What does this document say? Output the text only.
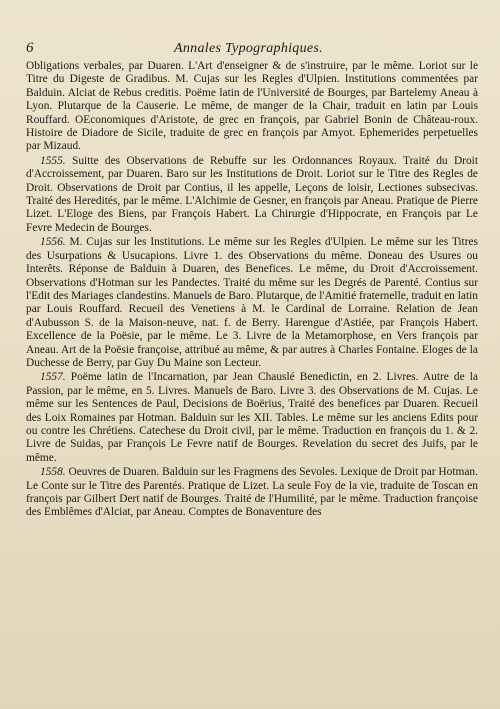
6	Annales Typographiques.

Obligations verbales, par Duaren. L'Art d'enseigner & de s'instruire, par le même. Loriot sur le Titre du Digeste de Gradibus. M. Cujas sur les Regles d'Ulpien. Institutions commentées par Balduin. Alciat de Rebus creditis. Poëme latin de l'Université de Bourges, par Bartelemy Aneau à Lyon. Plutarque de la Causerie. Le même, de manger de la Chair, traduit en latin par Louis Rouffard. OEconomiques d'Aristote, de grec en françois, par Gabriel Bonin de Château-roux. Histoire de Diadore de Sicile, traduite de grec en françois par Amyot. Ephemerides perpetuelles par Mizaud.

1555. Suitte des Observations de Rebuffe sur les Ordonnances Royaux. Traité du Droit d'Accroissement, par Duaren. Baro sur les Institutions de Droit. Loriot sur le Titre des Regles de Droit. Observations de Droit par Contius, il les appelle, Leçons de loisir, Lectiones subsecivas. Traité des Heredités, par le même. L'Alchimie de Gesner, en françois par Aneau. Pratique de Pierre Lizet. L'Eloge des Biens, par François Habert. La Chirurgie d'Hippocrate, en François par Le Fevre Medecin de Bourges.

1556. M. Cujas sur les Institutions. Le même sur les Regles d'Ulpien. Le même sur les Titres des Usurpations & Usucapions. Livre 1. des Observations du même. Doneau des Usures ou Interêts. Réponse de Balduin à Duaren, des Benefices. Le même, du Droit d'Accroissement. Observations d'Hotman sur les Pandectes. Traité du même sur les Degrés de Parenté. Contius sur l'Edit des Mariages clandestins. Manuels de Baro. Plutarque, de l'Amitié fraternelle, traduit en latin par Louis Rouffard. Recueil des Venetiens à M. le Cardinal de Lorraine. Relation de Jean d'Aubusson S. de la Maison-neuve, nat. f. de Berry. Harengue d'Astiée, par François Habert. Excellence de la Poësie, par le même. Le 3. Livre de la Metamorphose, en Vers françois par Aneau. Art de la Poësie françoise, attribué au même, & par autres à Charles Fontaine. Eloges de la Duchesse de Berry, par Guy Du Maine son Lecteur.

1557. Poëme latin de l'Incarnation, par Jean Chauslé Benedictin, en 2. Livres. Autre de la Passion, par le même, en 5. Livres. Manuels de Baro. Livre 3. des Observations de M. Cujas. Le même sur les Sentences de Paul, Decisions de Boërius, Traité des benefices par Duaren. Recueil des Loix Romaines par Hotman. Balduin sur les XII. Tables. Le même sur les anciens Edits pour ou contre les Chrétiens. Catechese du Droit civil, par le même. Traduction en françois du 1. & 2. Livre de Suidas, par François Le Fevre natif de Bourges. Revelation du secret des Juifs, par le même.

1558. Oeuvres de Duaren. Balduin sur les Fragmens des Sevoles. Lexique de Droit par Hotman. Le Conte sur le Titre des Parentés. Pratique de Lizet. La seule Foy de la vie, traduite de Toscan en françois par Gilbert Dert natif de Bourges. Traité de l'Humilité, par le même. Traduction françoise des Emblêmes d'Alciat, par Aneau. Comptes de Bonaventure des
